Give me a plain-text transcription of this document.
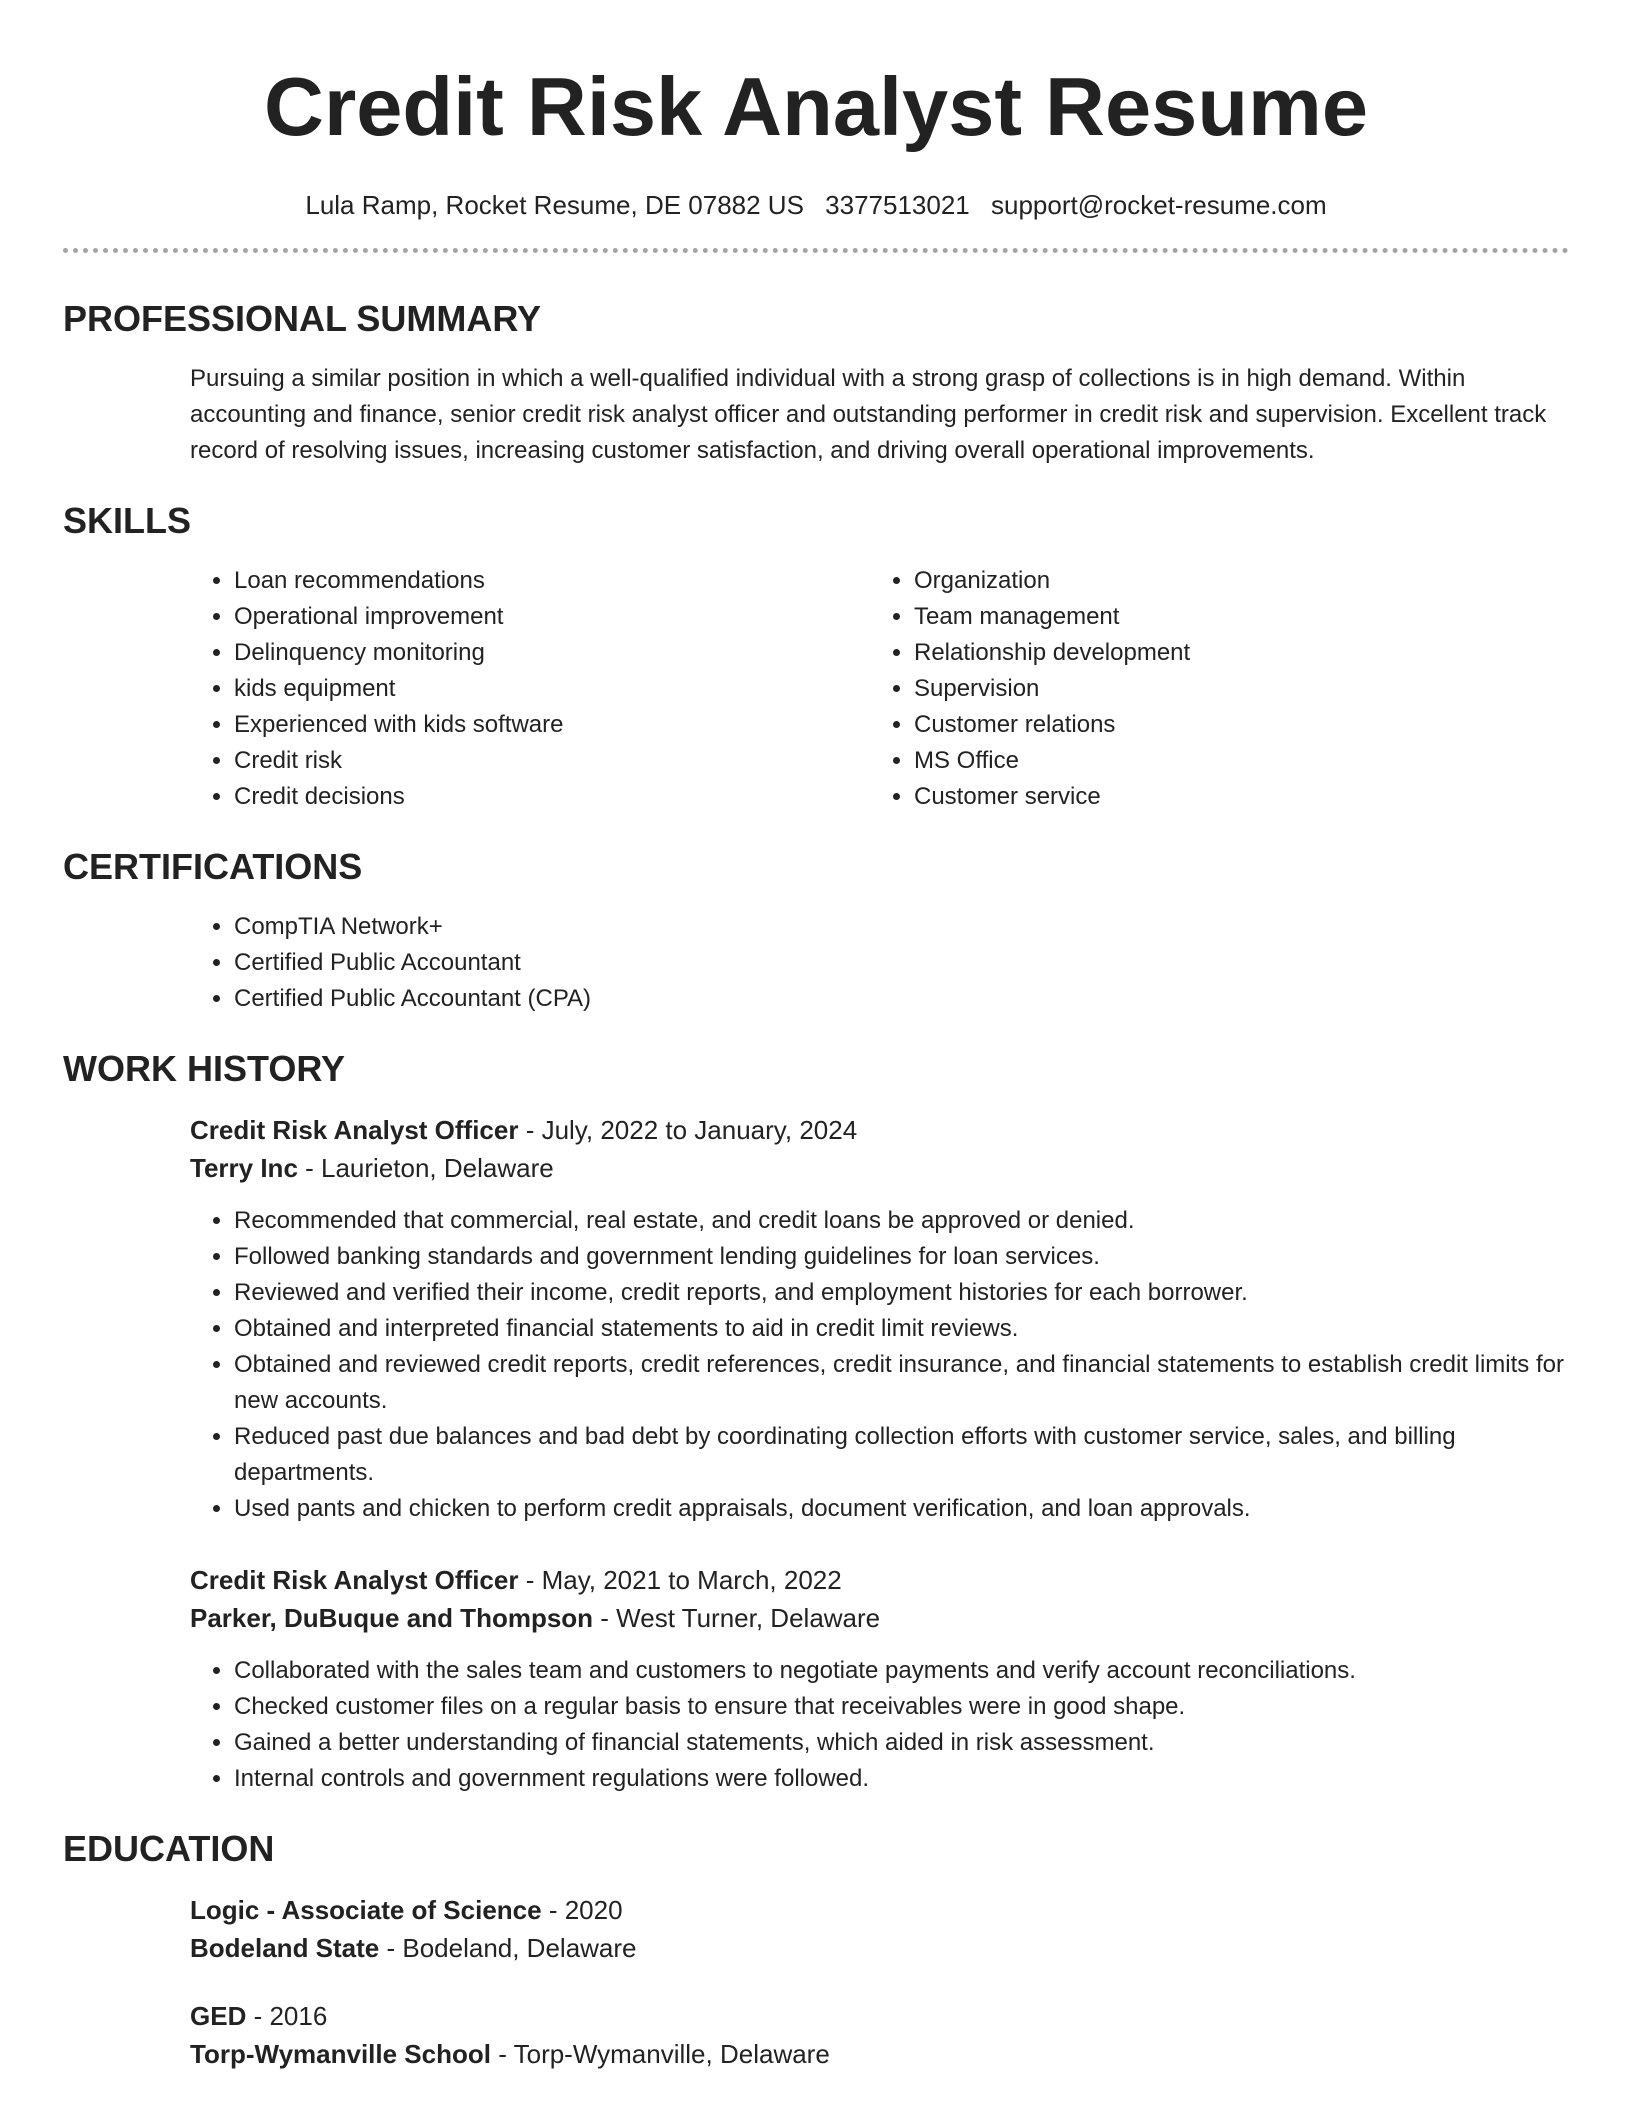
Credit Risk Analyst Resume
Lula Ramp, Rocket Resume, DE 07882 US 3377513021 support@rocket-resume.com
PROFESSIONAL SUMMARY

Pursuing a similar position in which a well-qualified individual with a strong grasp of collections is in high demand. Within accounting and finance, senior credit risk analyst officer and outstanding performer in credit risk and supervision. Excellent track record of resolving issues, increasing customer satisfaction, and driving overall operational improvements.

SKILLS
• Loan recommendations
• Operational improvement
• Delinquency monitoring
• kids equipment
• Experienced with kids software
• Credit risk
• Credit decisions
• Organization
• Team management
• Relationship development
• Supervision
• Customer relations
• MS Office
• Customer service
CERTIFICATIONS
• CompTIA Network+
• Certified Public Accountant
• Certified Public Accountant (CPA)
WORK HISTORY
Credit Risk Analyst Officer - July, 2022 to January, 2024
Terry Inc - Laurieton, Delaware
• Recommended that commercial, real estate, and credit loans be approved or denied.
• Followed banking standards and government lending guidelines for loan services.
• Reviewed and verified their income, credit reports, and employment histories for each borrower.
• Obtained and interpreted financial statements to aid in credit limit reviews.
• Obtained and reviewed credit reports, credit references, credit insurance, and financial statements to establish credit limits for new accounts.
• Reduced past due balances and bad debt by coordinating collection efforts with customer service, sales, and billing departments.
• Used pants and chicken to perform credit appraisals, document verification, and loan approvals.
Credit Risk Analyst Officer - May, 2021 to March, 2022
Parker, DuBuque and Thompson - West Turner, Delaware
• Collaborated with the sales team and customers to negotiate payments and verify account reconciliations.
• Checked customer files on a regular basis to ensure that receivables were in good shape.
• Gained a better understanding of financial statements, which aided in risk assessment.
• Internal controls and government regulations were followed.
EDUCATION
Logic - Associate of Science - 2020
Bodeland State - Bodeland, Delaware
GED - 2016
Torp-Wymanville School - Torp-Wymanville, Delaware
